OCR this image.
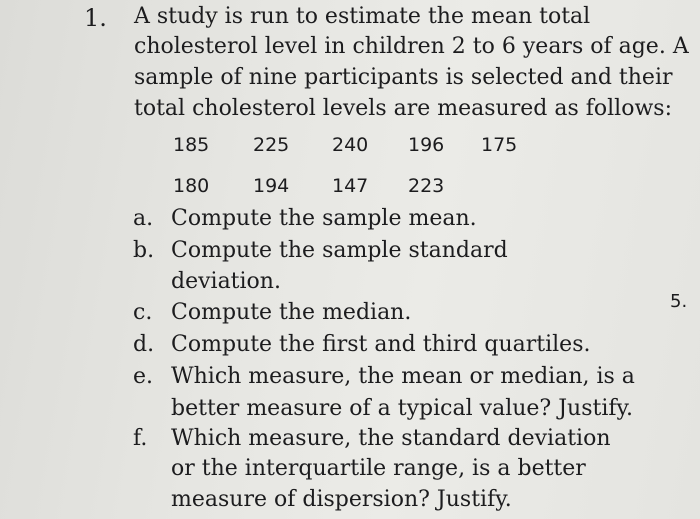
1. A study is run to estimate the mean total
cholesterol level in children 2 to 6 years of age. A
sample of nine participants is selected and their
total cholesterol levels are measured as follows:
185 225 240 196 175
180 194 147 223
a. Compute the sample mean.
b. Compute the sample standard
deviation.
c. Compute the median.
d. Compute the first and third quartiles.
e. Which measure, the mean or median, is a
better measure of a typical value? Justify.
f. Which measure, the standard deviation
or the interquartile range, is a better
measure of dispersion? Justify.
5.
